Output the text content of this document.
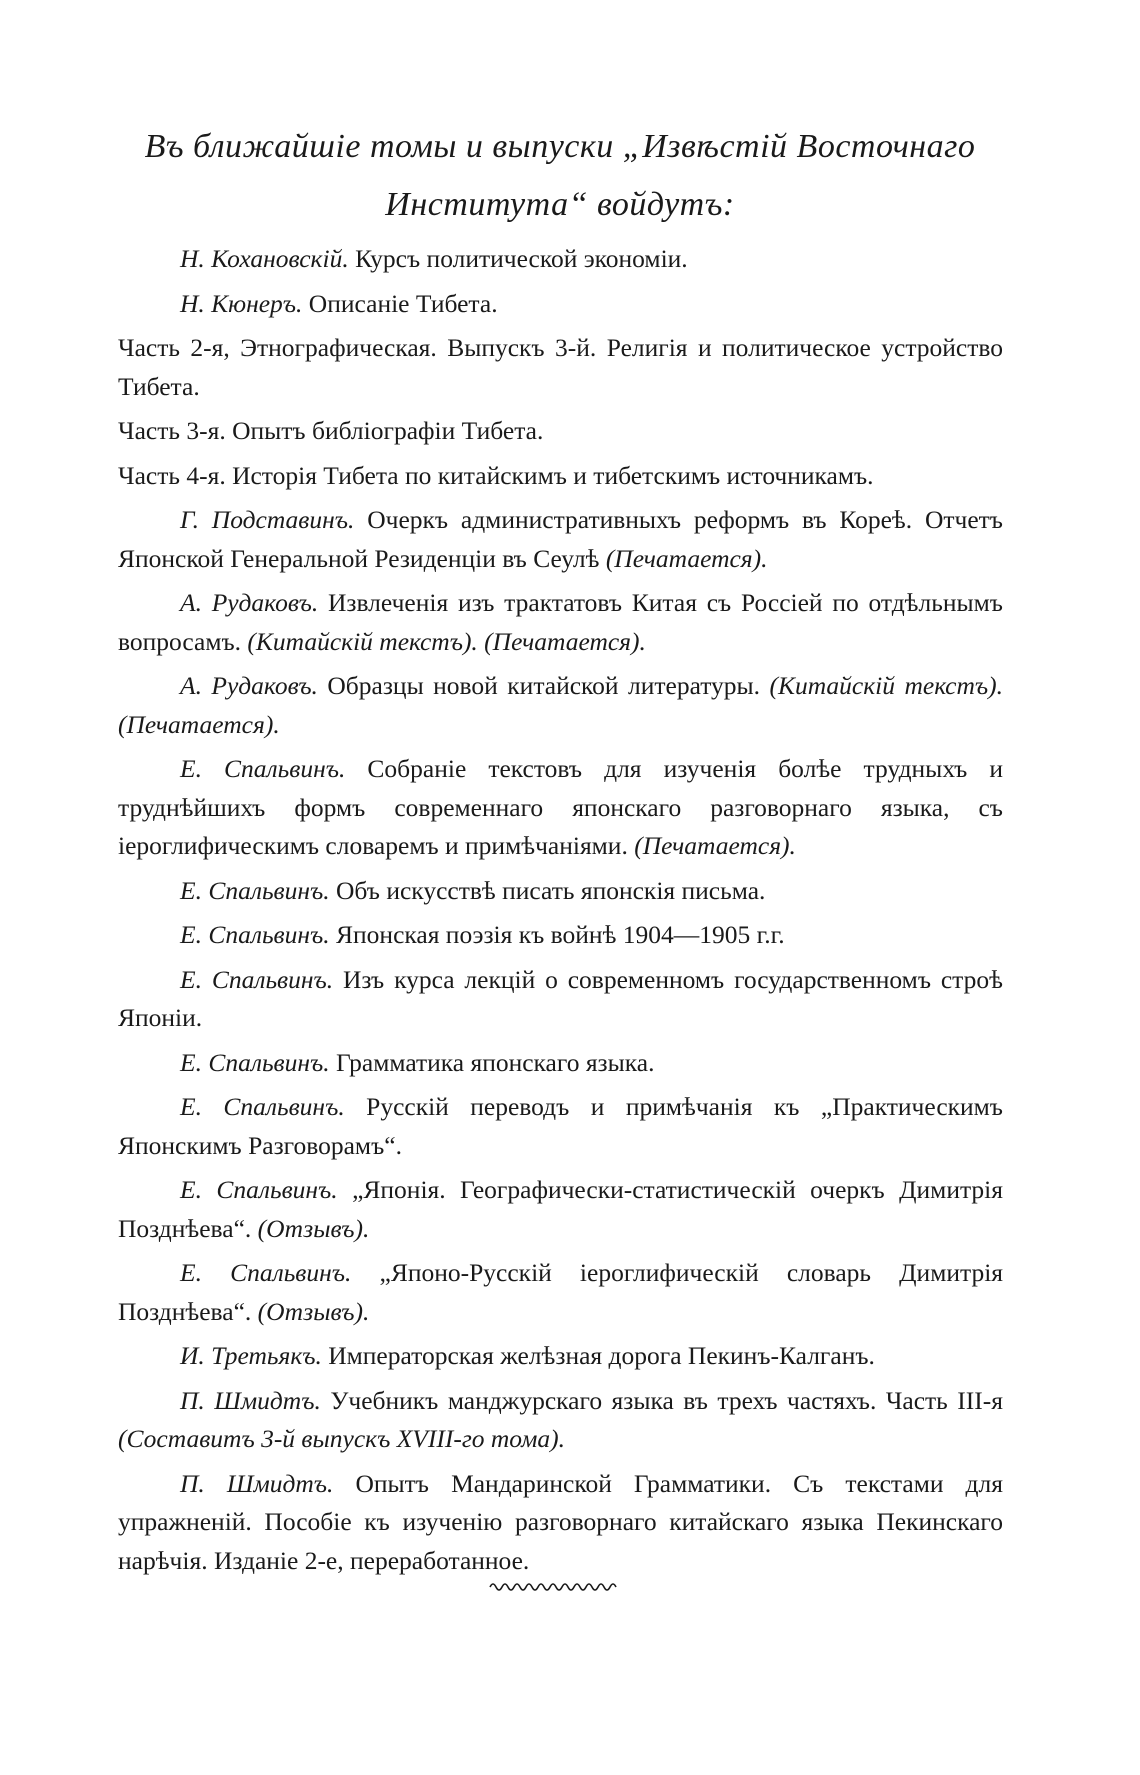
Въ ближайшіе томы и выпуски „Извѣстій Восточнаго
Института“ войдутъ:

Н. Кохановскій. Курсъ политической экономіи.

Н. Кюнеръ. Описаніе Тибета.

Часть 2-я, Этнографическая. Выпускъ 3-й. Религія и политическое устройство Тибета.

Часть 3-я. Опытъ библіографіи Тибета.

Часть 4-я. Исторія Тибета по китайскимъ и тибетскимъ источникамъ.

Г. Подставинъ. Очеркъ административныхъ реформъ въ Кореѣ. Отчетъ Японской Генеральной Резиденціи въ Сеулѣ (Печатается).

А. Рудаковъ. Извлеченія изъ трактатовъ Китая съ Россіей по отдѣльнымъ вопросамъ. (Китайскій текстъ). (Печатается).

А. Рудаковъ. Образцы новой китайской литературы. (Китайскій текстъ). (Печатается).

Е. Спальвинъ. Собраніе текстовъ для изученія болѣе трудныхъ и труднѣйшихъ формъ современнаго японскаго разговорнаго языка, съ іероглифическимъ словаремъ и примѣчаніями. (Печатается).

Е. Спальвинъ. Объ искусствѣ писать японскія письма.

Е. Спальвинъ. Японская поэзія къ войнѣ 1904—1905 г.г.

Е. Спальвинъ. Изъ курса лекцій о современномъ государственномъ строѣ Японіи.

Е. Спальвинъ. Грамматика японскаго языка.

Е. Спальвинъ. Русскій переводъ и примѣчанія къ „Практическимъ Японскимъ Разговорамъ“.

Е. Спальвинъ. „Японія. Географически-статистическій очеркъ Димитрія Позднѣева“. (Отзывъ).

Е. Спальвинъ. „Японо-Русскій іероглифическій словарь Димитрія Позднѣева“. (Отзывъ).

И. Третьякъ. Императорская желѣзная дорога Пекинъ-Калганъ.

П. Шмидтъ. Учебникъ манджурскаго языка въ трехъ частяхъ. Часть III-я (Составитъ 3-й выпускъ XVIII-го тома).

П. Шмидтъ. Опытъ Мандаринской Грамматики. Съ текстами для упражненій. Пособіе къ изученію разговорнаго китайскаго языка Пекинскаго нарѣчія. Изданіе 2-е, переработанное.
